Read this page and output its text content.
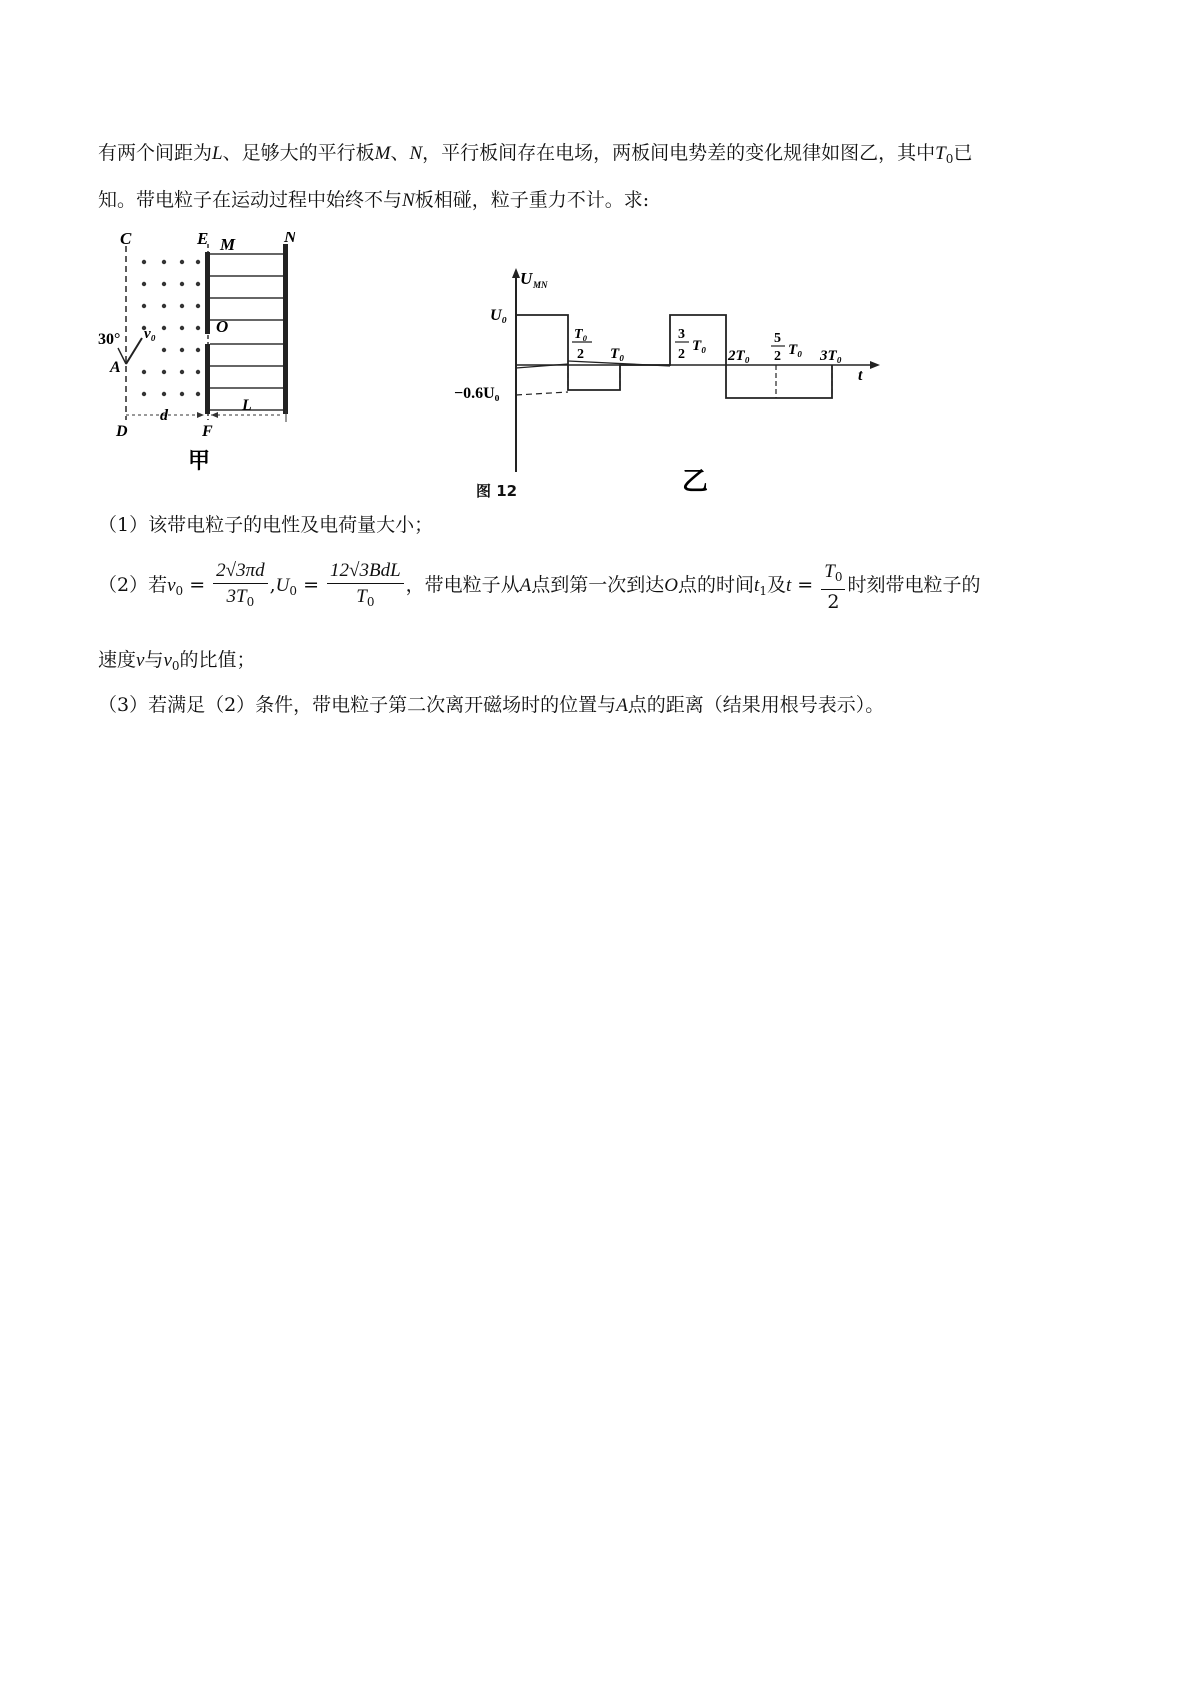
有两个间距为L、足够大的平行板M、N，平行板间存在电场，两板间电势差的变化规律如图乙，其中$T_0$已
知。带电粒子在运动过程中始终不与N板相碰，粒子重力不计。求:
C	E M	N
O
30° v₀
A
d
L
D	F
甲
U MN
t
U₀
−0.6U₀
T₀
2 T₀
3
2
T₀
2T₀
5
2 T₀ 3T₀
乙
图 12
（1）该带电粒子的电性及电荷量大小；
（2）若$v_0 = \frac{2√3\pi d}{3T_0} ,U_0 = \frac{\text{12√3BdL}}{T_0}$ ，带电粒子从A点到第一次到达O点的时间$t_1$及$t = \frac{T_0}{2}$ 时刻带电粒子的
速度v与$v_0$的比值；
（3）若满足（2）条件，带电粒子第二次离开磁场时的位置与A点的距离（结果用根号表示）。
